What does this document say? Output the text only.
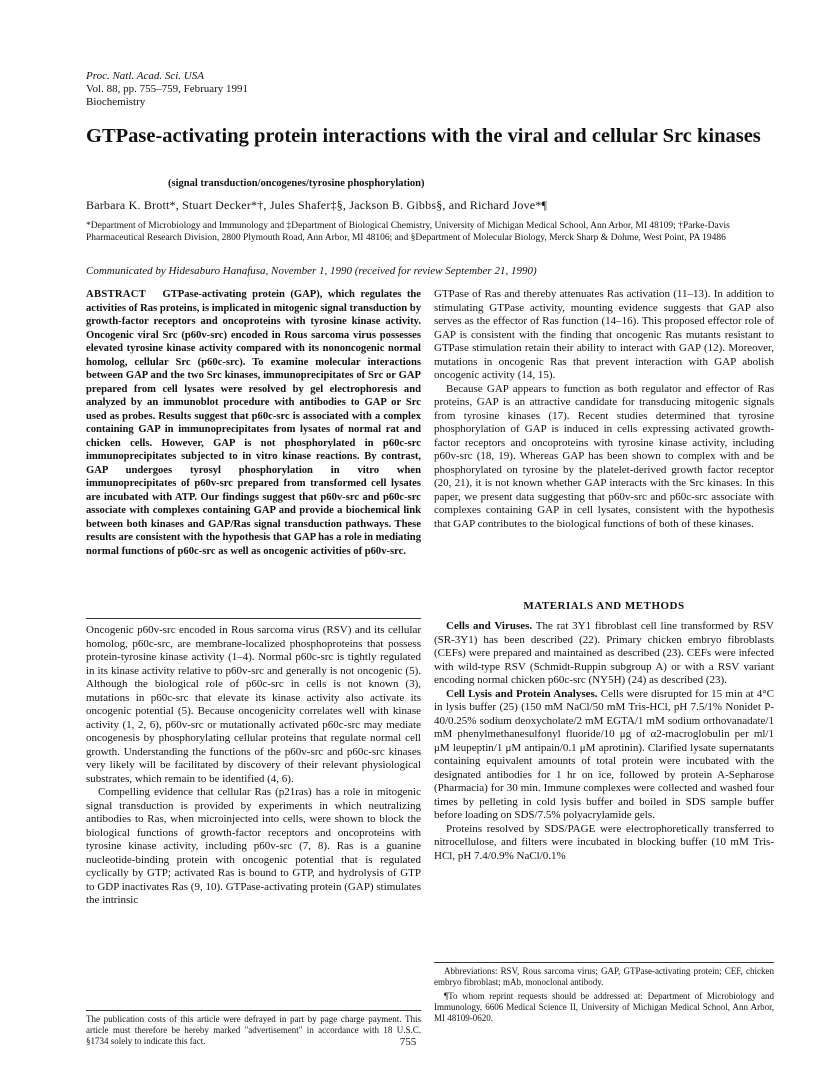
Proc. Natl. Acad. Sci. USA
Vol. 88, pp. 755–759, February 1991
Biochemistry
GTPase-activating protein interactions with the viral and cellular Src kinases
(signal transduction/oncogenes/tyrosine phosphorylation)
Barbara K. Brott*, Stuart Decker*†, Jules Shafer‡§, Jackson B. Gibbs§, and Richard Jove*¶
*Department of Microbiology and Immunology and ‡Department of Biological Chemistry, University of Michigan Medical School, Ann Arbor, MI 48109; †Parke-Davis Pharmaceutical Research Division, 2800 Plymouth Road, Ann Arbor, MI 48106; and §Department of Molecular Biology, Merck Sharp & Dohme, West Point, PA 19486
Communicated by Hidesaburo Hanafusa, November 1, 1990 (received for review September 21, 1990)
ABSTRACT GTPase-activating protein (GAP), which regulates the activities of Ras proteins, is implicated in mitogenic signal transduction by growth-factor receptors and oncoproteins with tyrosine kinase activity. Oncogenic viral Src (p60v-src) encoded in Rous sarcoma virus possesses elevated tyrosine kinase activity compared with its nononcogenic normal homolog, cellular Src (p60c-src). To examine molecular interactions between GAP and the two Src kinases, immunoprecipitates of Src or GAP prepared from cell lysates were resolved by gel electrophoresis and analyzed by an immunoblot procedure with antibodies to GAP or Src used as probes. Results suggest that p60c-src is associated with a complex containing GAP in immunoprecipitates from lysates of normal rat and chicken cells. However, GAP is not phosphorylated in p60c-src immunoprecipitates subjected to in vitro kinase reactions. By contrast, GAP undergoes tyrosyl phosphorylation in vitro when immunoprecipitates of p60v-src prepared from transformed cell lysates are incubated with ATP. Our findings suggest that p60v-src and p60c-src associate with complexes containing GAP and provide a biochemical link between both kinases and GAP/Ras signal transduction pathways. These results are consistent with the hypothesis that GAP has a role in mediating normal functions of p60c-src as well as oncogenic activities of p60v-src.

Oncogenic p60v-src encoded in Rous sarcoma virus (RSV) and its cellular homolog, p60c-src, are membrane-localized phosphoproteins that possess protein-tyrosine kinase activity (1–4). Normal p60c-src is tightly regulated in its kinase activity relative to p60v-src and generally is not oncogenic (5). Although the biological role of p60c-src in cells is not known (3), mutations in p60c-src that elevate its kinase activity also activate its oncogenic potential (5). Because oncogenicity correlates well with kinase activity (1, 2, 6), p60v-src or mutationally activated p60c-src may mediate oncogenesis by phosphorylating cellular proteins that regulate normal cell growth. Understanding the functions of the p60v-src and p60c-src kinases very likely will be facilitated by discovery of their relevant physiological substrates, which remain to be identified (4, 6).

Compelling evidence that cellular Ras (p21ras) has a role in mitogenic signal transduction is provided by experiments in which neutralizing antibodies to Ras, when microinjected into cells, were shown to block the biological functions of growth-factor receptors and oncoproteins with tyrosine kinase activity, including p60v-src (7, 8). Ras is a guanine nucleotide-binding protein with oncogenic potential that is regulated cyclically by GTP; activated Ras is bound to GTP, and hydrolysis of GTP to GDP inactivates Ras (9, 10). GTPase-activating protein (GAP) stimulates the intrinsic

The publication costs of this article were defrayed in part by page charge payment. This article must therefore be hereby marked "advertisement" in accordance with 18 U.S.C. §1734 solely to indicate this fact.

GTPase of Ras and thereby attenuates Ras activation (11–13). In addition to stimulating GTPase activity, mounting evidence suggests that GAP also serves as the effector of Ras function (14–16). This proposed effector role of GAP is consistent with the finding that oncogenic Ras mutants resistant to GTPase stimulation retain their ability to interact with GAP (12). Moreover, mutations in oncogenic Ras that prevent interaction with GAP abolish oncogenic activity (14, 15).

Because GAP appears to function as both regulator and effector of Ras proteins, GAP is an attractive candidate for transducing mitogenic signals from tyrosine kinases (17). Recent studies determined that tyrosine phosphorylation of GAP is induced in cells expressing activated growth-factor receptors and oncoproteins with tyrosine kinase activity, including p60v-src (18, 19). Whereas GAP has been shown to complex with and be phosphorylated on tyrosine by the platelet-derived growth factor receptor (20, 21), it is not known whether GAP interacts with the Src kinases. In this paper, we present data suggesting that p60v-src and p60c-src associate with complexes containing GAP in cell lysates, consistent with the hypothesis that GAP contributes to the biological functions of both of these kinases.

MATERIALS AND METHODS

Cells and Viruses. The rat 3Y1 fibroblast cell line transformed by RSV (SR-3Y1) has been described (22). Primary chicken embryo fibroblasts (CEFs) were prepared and maintained as described (23). CEFs were infected with wild-type RSV (Schmidt-Ruppin subgroup A) or with a RSV variant encoding normal chicken p60c-src (NY5H) (24) as described (23).

Cell Lysis and Protein Analyses. Cells were disrupted for 15 min at 4°C in lysis buffer (25) (150 mM NaCl/50 mM Tris-HCl, pH 7.5/1% Nonidet P-40/0.25% sodium deoxycholate/2 mM EGTA/1 mM sodium orthovanadate/1 mM phenylmethanesulfonyl fluoride/10 μg of α2-macroglobulin per ml/1 μM leupeptin/1 μM antipain/0.1 μM aprotinin). Clarified lysate supernatants containing equivalent amounts of total protein were incubated with the designated antibodies for 1 hr on ice, followed by protein A-Sepharose (Pharmacia) for 30 min. Immune complexes were collected and washed four times by pelleting in cold lysis buffer and boiled in SDS sample buffer before loading on SDS/7.5% polyacrylamide gels.

Proteins resolved by SDS/PAGE were electrophoretically transferred to nitrocellulose, and filters were incubated in blocking buffer (10 mM Tris-HCl, pH 7.4/0.9% NaCl/0.1%

Abbreviations: RSV, Rous sarcoma virus; GAP, GTPase-activating protein; CEF, chicken embryo fibroblast; mAb, monoclonal antibody.

¶To whom reprint requests should be addressed at: Department of Microbiology and Immunology, 6606 Medical Science II, University of Michigan Medical School, Ann Arbor, MI 48109-0620.

755
